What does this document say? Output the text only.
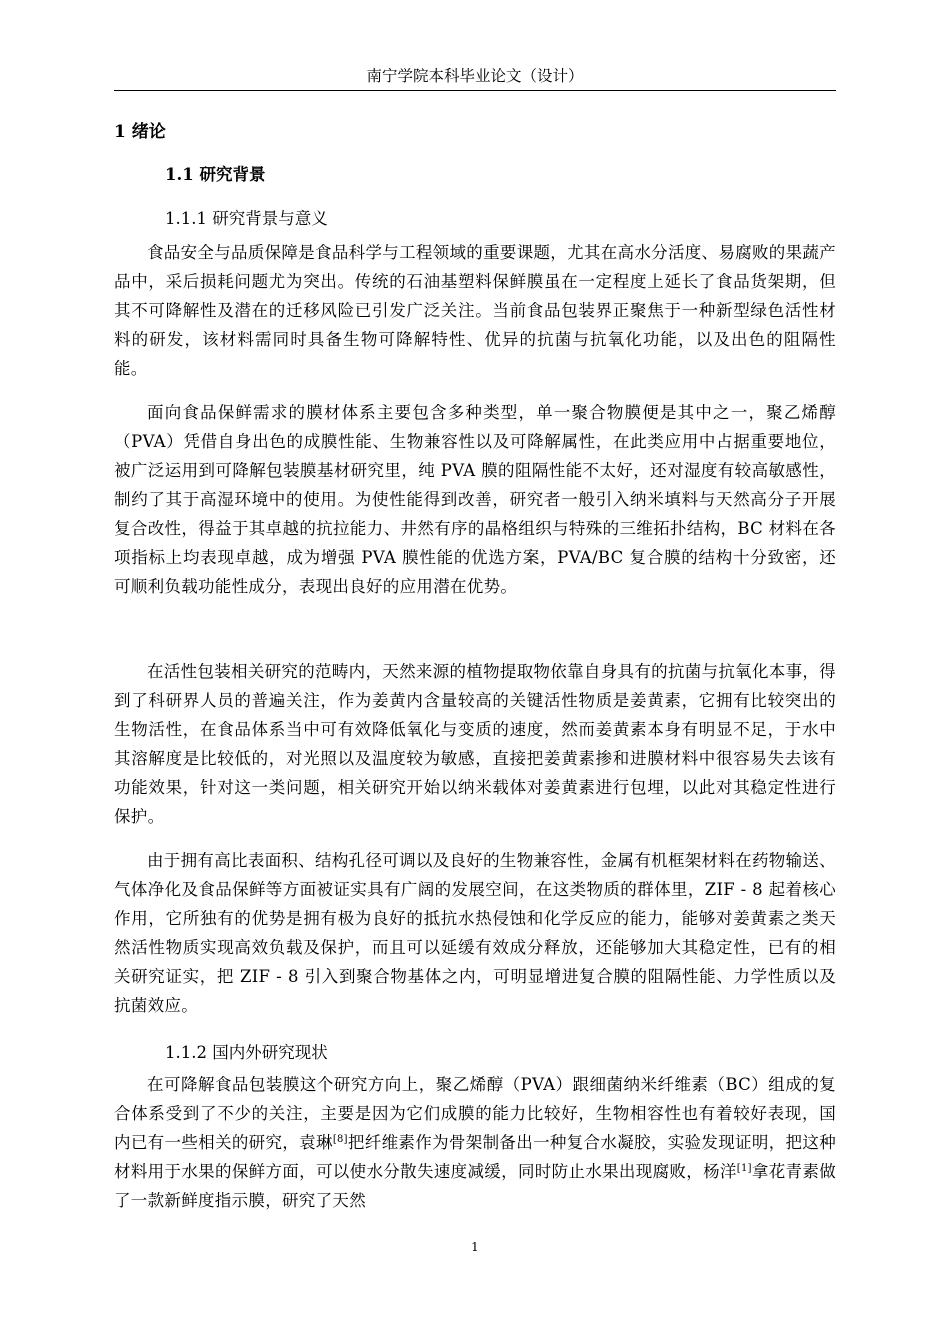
南宁学院本科毕业论文（设计）
1 绪论
1.1 研究背景
1.1.1 研究背景与意义

食品安全与品质保障是食品科学与工程领域的重要课题，尤其在高水分活度、易腐败的果蔬产品中，采后损耗问题尤为突出。传统的石油基塑料保鲜膜虽在一定程度上延长了食品货架期，但其不可降解性及潜在的迁移风险已引发广泛关注。当前食品包装界正聚焦于一种新型绿色活性材料的研发，该材料需同时具备生物可降解特性、优异的抗菌与抗氧化功能，以及出色的阻隔性能。

面向食品保鲜需求的膜材体系主要包含多种类型，单一聚合物膜便是其中之一，聚乙烯醇（PVA）凭借自身出色的成膜性能、生物兼容性以及可降解属性，在此类应用中占据重要地位，被广泛运用到可降解包装膜基材研究里，纯 PVA 膜的阻隔性能不太好，还对湿度有较高敏感性，制约了其于高湿环境中的使用。为使性能得到改善，研究者一般引入纳米填料与天然高分子开展复合改性，得益于其卓越的抗拉能力、井然有序的晶格组织与特殊的三维拓扑结构，BC 材料在各项指标上均表现卓越，成为增强 PVA 膜性能的优选方案，PVA/BC 复合膜的结构十分致密，还可顺利负载功能性成分，表现出良好的应用潜在优势。

在活性包装相关研究的范畴内，天然来源的植物提取物依靠自身具有的抗菌与抗氧化本事，得到了科研界人员的普遍关注，作为姜黄内含量较高的关键活性物质是姜黄素，它拥有比较突出的生物活性，在食品体系当中可有效降低氧化与变质的速度，然而姜黄素本身有明显不足，于水中其溶解度是比较低的，对光照以及温度较为敏感，直接把姜黄素掺和进膜材料中很容易失去该有功能效果，针对这一类问题，相关研究开始以纳米载体对姜黄素进行包埋，以此对其稳定性进行保护。

由于拥有高比表面积、结构孔径可调以及良好的生物兼容性，金属有机框架材料在药物输送、气体净化及食品保鲜等方面被证实具有广阔的发展空间，在这类物质的群体里，ZIF - 8 起着核心作用，它所独有的优势是拥有极为良好的抵抗水热侵蚀和化学反应的能力，能够对姜黄素之类天然活性物质实现高效负载及保护，而且可以延缓有效成分释放，还能够加大其稳定性，已有的相关研究证实，把 ZIF - 8 引入到聚合物基体之内，可明显增进复合膜的阻隔性能、力学性质以及抗菌效应。

1.1.2 国内外研究现状

在可降解食品包装膜这个研究方向上，聚乙烯醇（PVA）跟细菌纳米纤维素（BC）组成的复合体系受到了不少的关注，主要是因为它们成膜的能力比较好，生物相容性也有着较好表现，国内已有一些相关的研究，袁琳[8]把纤维素作为骨架制备出一种复合水凝胶，实验发现证明，把这种材料用于水果的保鲜方面，可以使水分散失速度减缓，同时防止水果出现腐败，杨洋[1]拿花青素做了一款新鲜度指示膜，研究了天然

1
